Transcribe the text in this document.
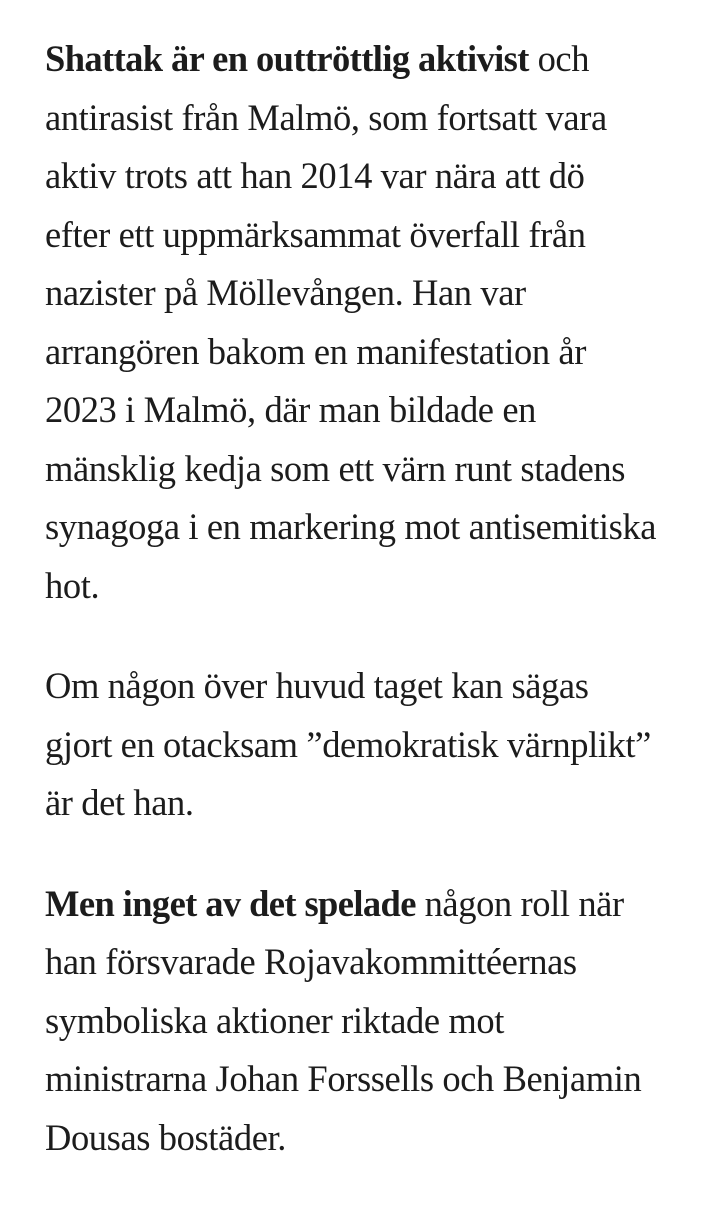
Shattak är en outtröttlig aktivist och
antirasist från Malmö, som fortsatt vara
aktiv trots att han 2014 var nära att dö
efter ett uppmärksammat överfall från
nazister på Möllevången. Han var
arrangören bakom en manifestation år
2023 i Malmö, där man bildade en
mänsklig kedja som ett värn runt stadens
synagoga i en markering mot antisemitiska
hot.

Om någon över huvud taget kan sägas
gjort en otacksam ”demokratisk värnplikt”
är det han.

Men inget av det spelade någon roll när
han försvarade Rojavakommittéernas
symboliska aktioner riktade mot
ministrarna Johan Forssells och Benjamin
Dousas bostäder.
